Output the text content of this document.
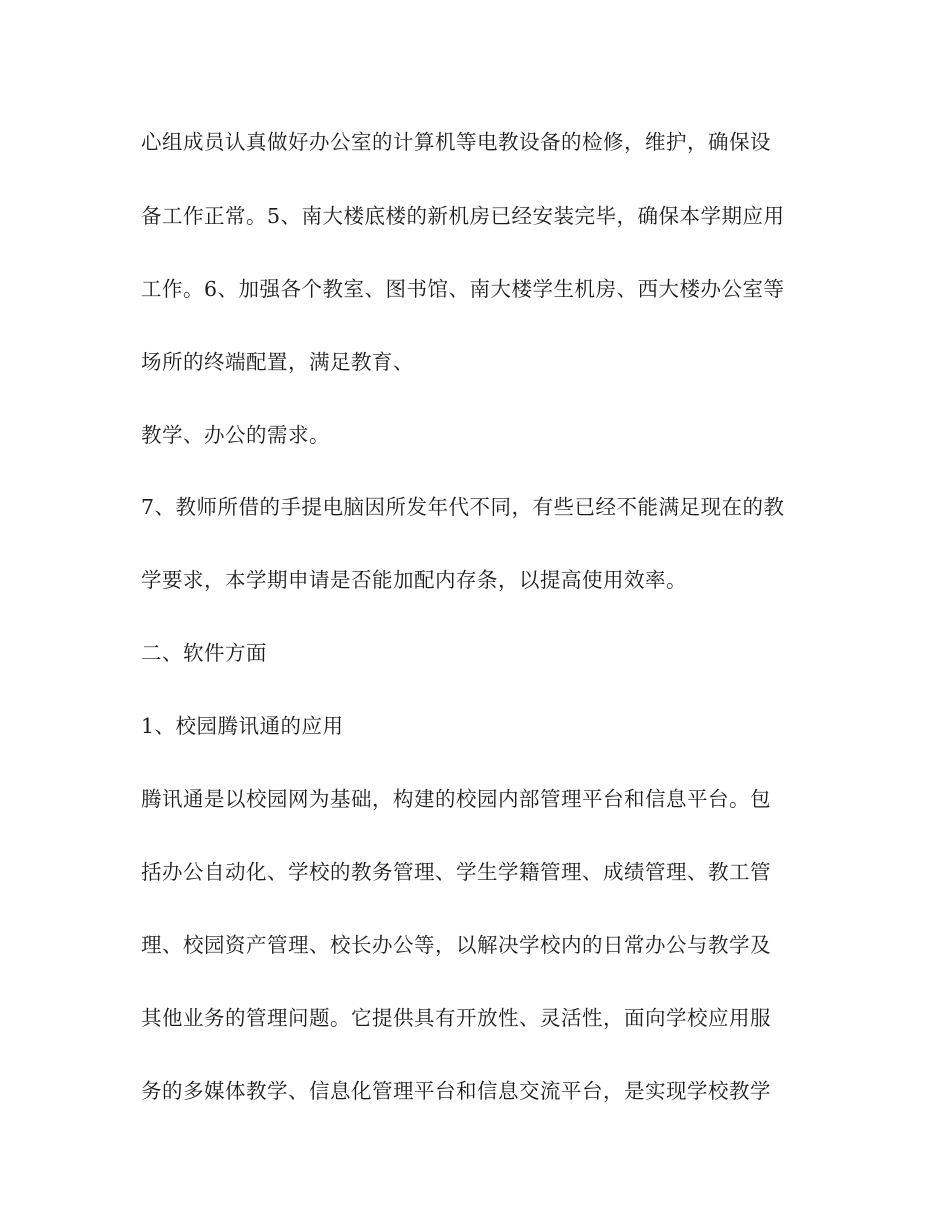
心组成员认真做好办公室的计算机等电教设备的检修，维护，确保设

备工作正常。5、南大楼底楼的新机房已经安装完毕，确保本学期应用

工作。6、加强各个教室、图书馆、南大楼学生机房、西大楼办公室等

场所的终端配置，满足教育、

教学、办公的需求。

7、教师所借的手提电脑因所发年代不同，有些已经不能满足现在的教

学要求，本学期申请是否能加配内存条，以提高使用效率。

二、软件方面

1、校园腾讯通的应用

腾讯通是以校园网为基础，构建的校园内部管理平台和信息平台。包

括办公自动化、学校的教务管理、学生学籍管理、成绩管理、教工管

理、校园资产管理、校长办公等，以解决学校内的日常办公与教学及

其他业务的管理问题。它提供具有开放性、灵活性，面向学校应用服

务的多媒体教学、信息化管理平台和信息交流平台，是实现学校教学
